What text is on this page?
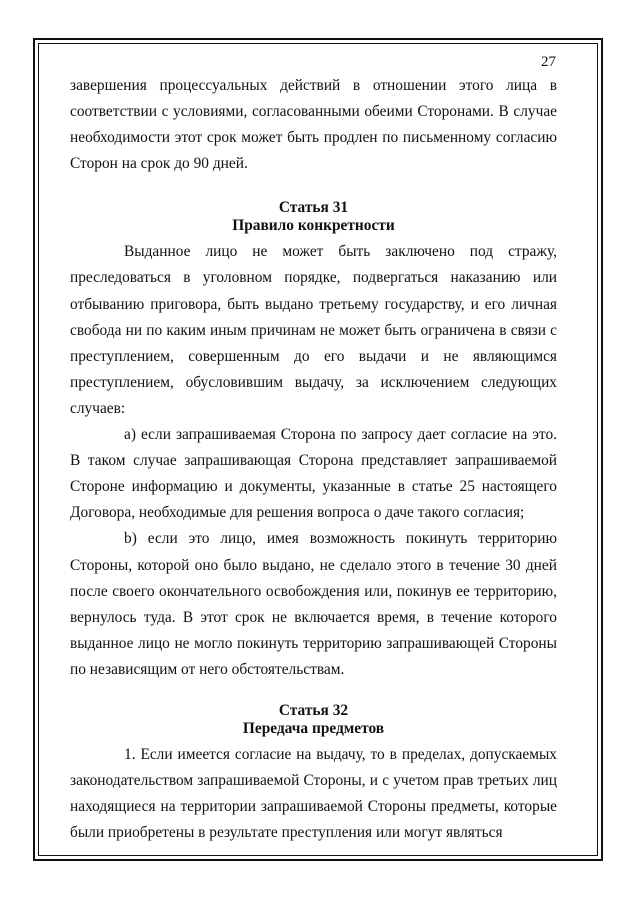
27

завершения процессуальных действий в отношении этого лица в соответствии с условиями, согласованными обеими Сторонами. В случае необходимости этот срок может быть продлен по письменному согласию Сторон на срок до 90 дней.

Статья 31

Правило конкретности

Выданное лицо не может быть заключено под стражу, преследоваться в уголовном порядке, подвергаться наказанию или отбыванию приговора, быть выдано третьему государству, и его личная свобода ни по каким иным причинам не может быть ограничена в связи с преступлением, совершенным до его выдачи и не являющимся преступлением, обусловившим выдачу, за исключением следующих случаев:

а) если запрашиваемая Сторона по запросу дает согласие на это. В таком случае запрашивающая Сторона представляет запрашиваемой Стороне информацию и документы, указанные в статье 25 настоящего Договора, необходимые для решения вопроса о даче такого согласия;

b) если это лицо, имея возможность покинуть территорию Стороны, которой оно было выдано, не сделало этого в течение 30 дней после своего окончательного освобождения или, покинув ее территорию, вернулось туда. В этот срок не включается время, в течение которого выданное лицо не могло покинуть территорию запрашивающей Стороны по независящим от него обстоятельствам.

Статья 32

Передача предметов

1. Если имеется согласие на выдачу, то в пределах, допускаемых законодательством запрашиваемой Стороны, и с учетом прав третьих лиц находящиеся на территории запрашиваемой Стороны предметы, которые были приобретены в результате преступления или могут являться
